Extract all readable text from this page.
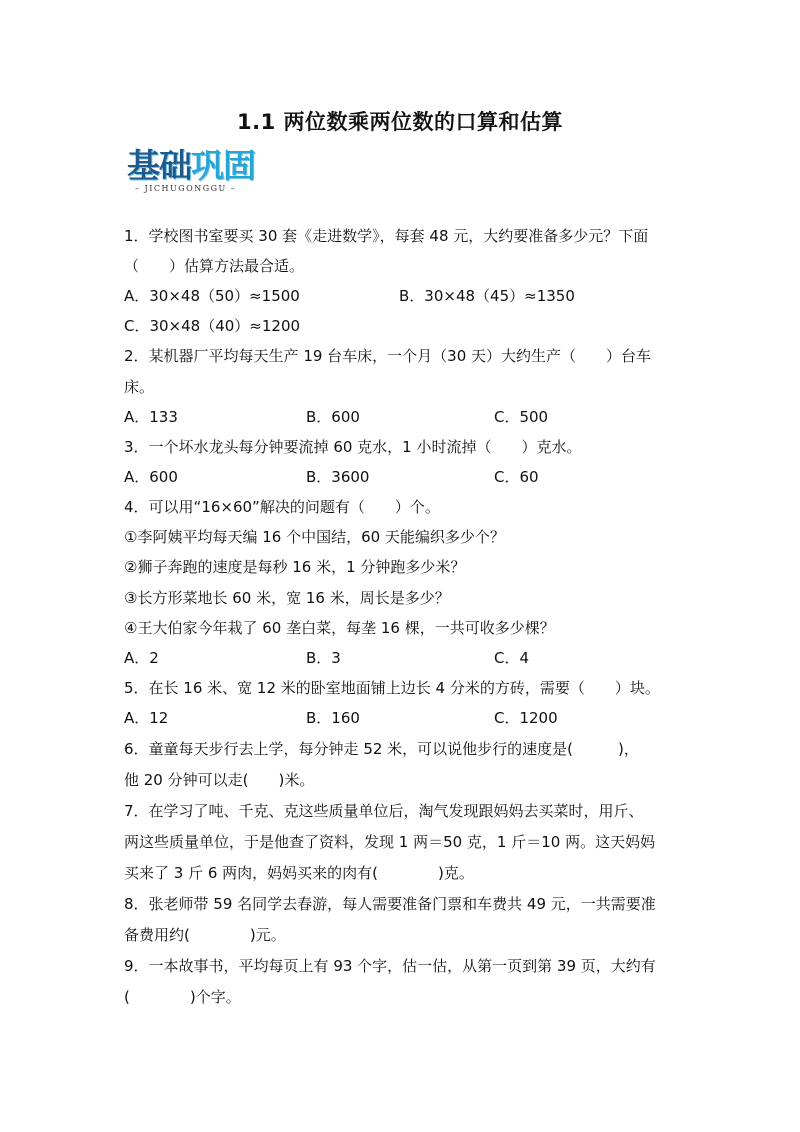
1.1 两位数乘两位数的口算和估算
基础巩固
– JICHUGONGGU –
1．学校图书室要买 30 套《走进数学》，每套 48 元，大约要准备多少元？下面
（　　）估算方法最合适。
A．30×48（50）≈1500	B．30×48（45）≈1350
C．30×48（40）≈1200
2．某机器厂平均每天生产 19 台车床，一个月（30 天）大约生产（　　）台车
床。
A．133	B．600	C．500
3．一个坏水龙头每分钟要流掉 60 克水，1 小时流掉（　　）克水。
A．600	B．3600	C．60
4．可以用“16×60”解决的问题有（　　）个。
①李阿姨平均每天编 16 个中国结，60 天能编织多少个？
②狮子奔跑的速度是每秒 16 米，1 分钟跑多少米？
③长方形菜地长 60 米，宽 16 米，周长是多少？
④王大伯家今年栽了 60 垄白菜，每垄 16 棵，一共可收多少棵？
A．2	B．3	C．4
5．在长 16 米、宽 12 米的卧室地面铺上边长 4 分米的方砖，需要（　　）块。
A．12	B．160	C．1200
6．童童每天步行去上学，每分钟走 52 米，可以说他步行的速度是(　　　)，
他 20 分钟可以走(　　)米。
7．在学习了吨、千克、克这些质量单位后，淘气发现跟妈妈去买菜时，用斤、
两这些质量单位，于是他查了资料，发现 1 两＝50 克，1 斤＝10 两。这天妈妈
买来了 3 斤 6 两肉，妈妈买来的肉有(　　　　)克。
8．张老师带 59 名同学去春游，每人需要准备门票和车费共 49 元，一共需要准
备费用约(　　　　)元。
9．一本故事书，平均每页上有 93 个字，估一估，从第一页到第 39 页，大约有
(　　　　)个字。
